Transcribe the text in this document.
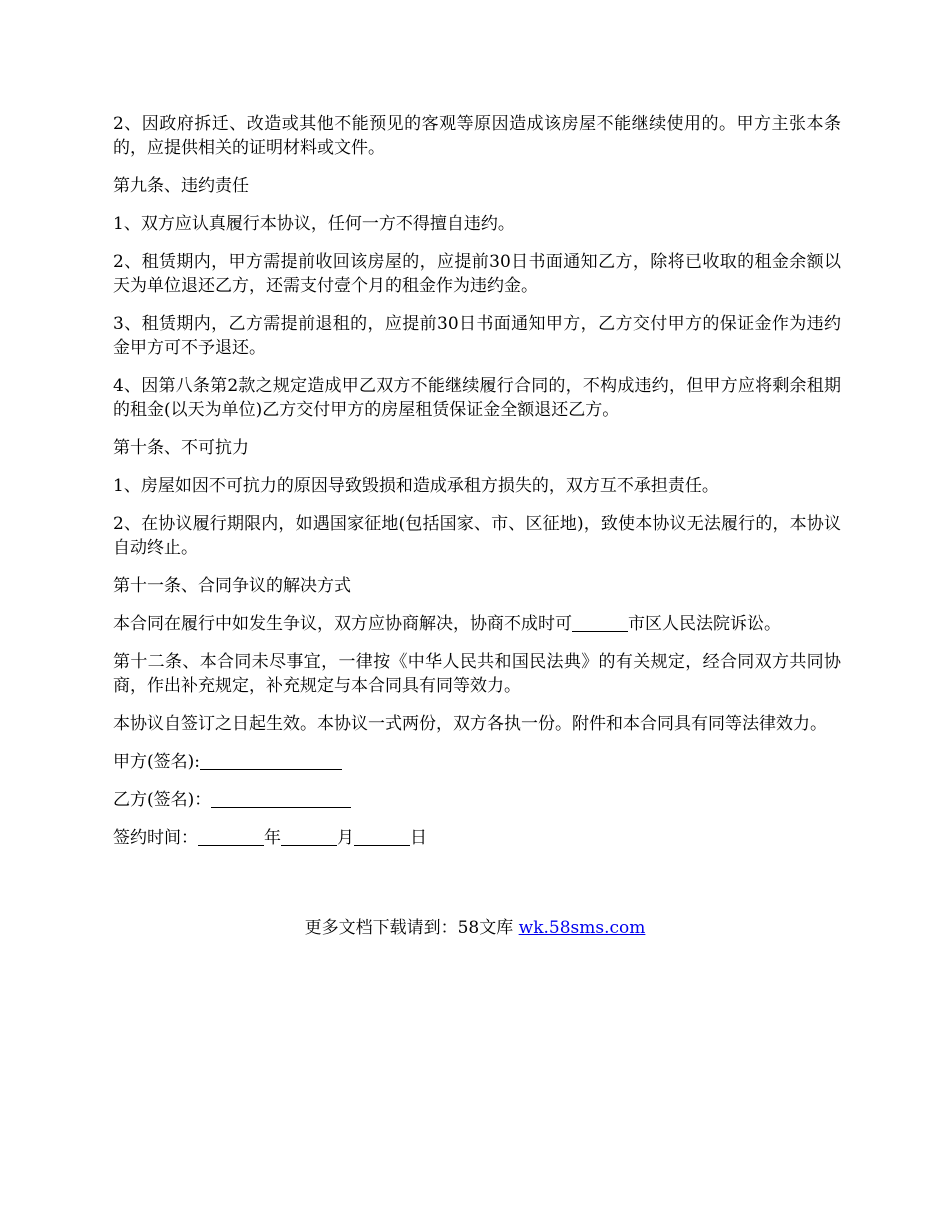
2、因政府拆迁、改造或其他不能预见的客观等原因造成该房屋不能继续使用的。甲方主张本条的，应提供相关的证明材料或文件。

第九条、违约责任

1、双方应认真履行本协议，任何一方不得擅自违约。

2、租赁期内，甲方需提前收回该房屋的，应提前30日书面通知乙方，除将已收取的租金余额以天为单位退还乙方，还需支付壹个月的租金作为违约金。

3、租赁期内，乙方需提前退租的，应提前30日书面通知甲方，乙方交付甲方的保证金作为违约金甲方可不予退还。

4、因第八条第2款之规定造成甲乙双方不能继续履行合同的，不构成违约，但甲方应将剩余租期的租金(以天为单位)乙方交付甲方的房屋租赁保证金全额退还乙方。

第十条、不可抗力

1、房屋如因不可抗力的原因导致毁损和造成承租方损失的，双方互不承担责任。

2、在协议履行期限内，如遇国家征地(包括国家、市、区征地)，致使本协议无法履行的，本协议自动终止。

第十一条、合同争议的解决方式

本合同在履行中如发生争议，双方应协商解决，协商不成时可	市区人民法院诉讼。

第十二条、本合同未尽事宜，一律按《中华人民共和国民法典》的有关规定，经合同双方共同协商，作出补充规定，补充规定与本合同具有同等效力。

本协议自签订之日起生效。本协议一式两份，双方各执一份。附件和本合同具有同等法律效力。

甲方(签名):

乙方(签名)：

签约时间：	年	月	日

更多文档下载请到：58文库 wk.58sms.com
